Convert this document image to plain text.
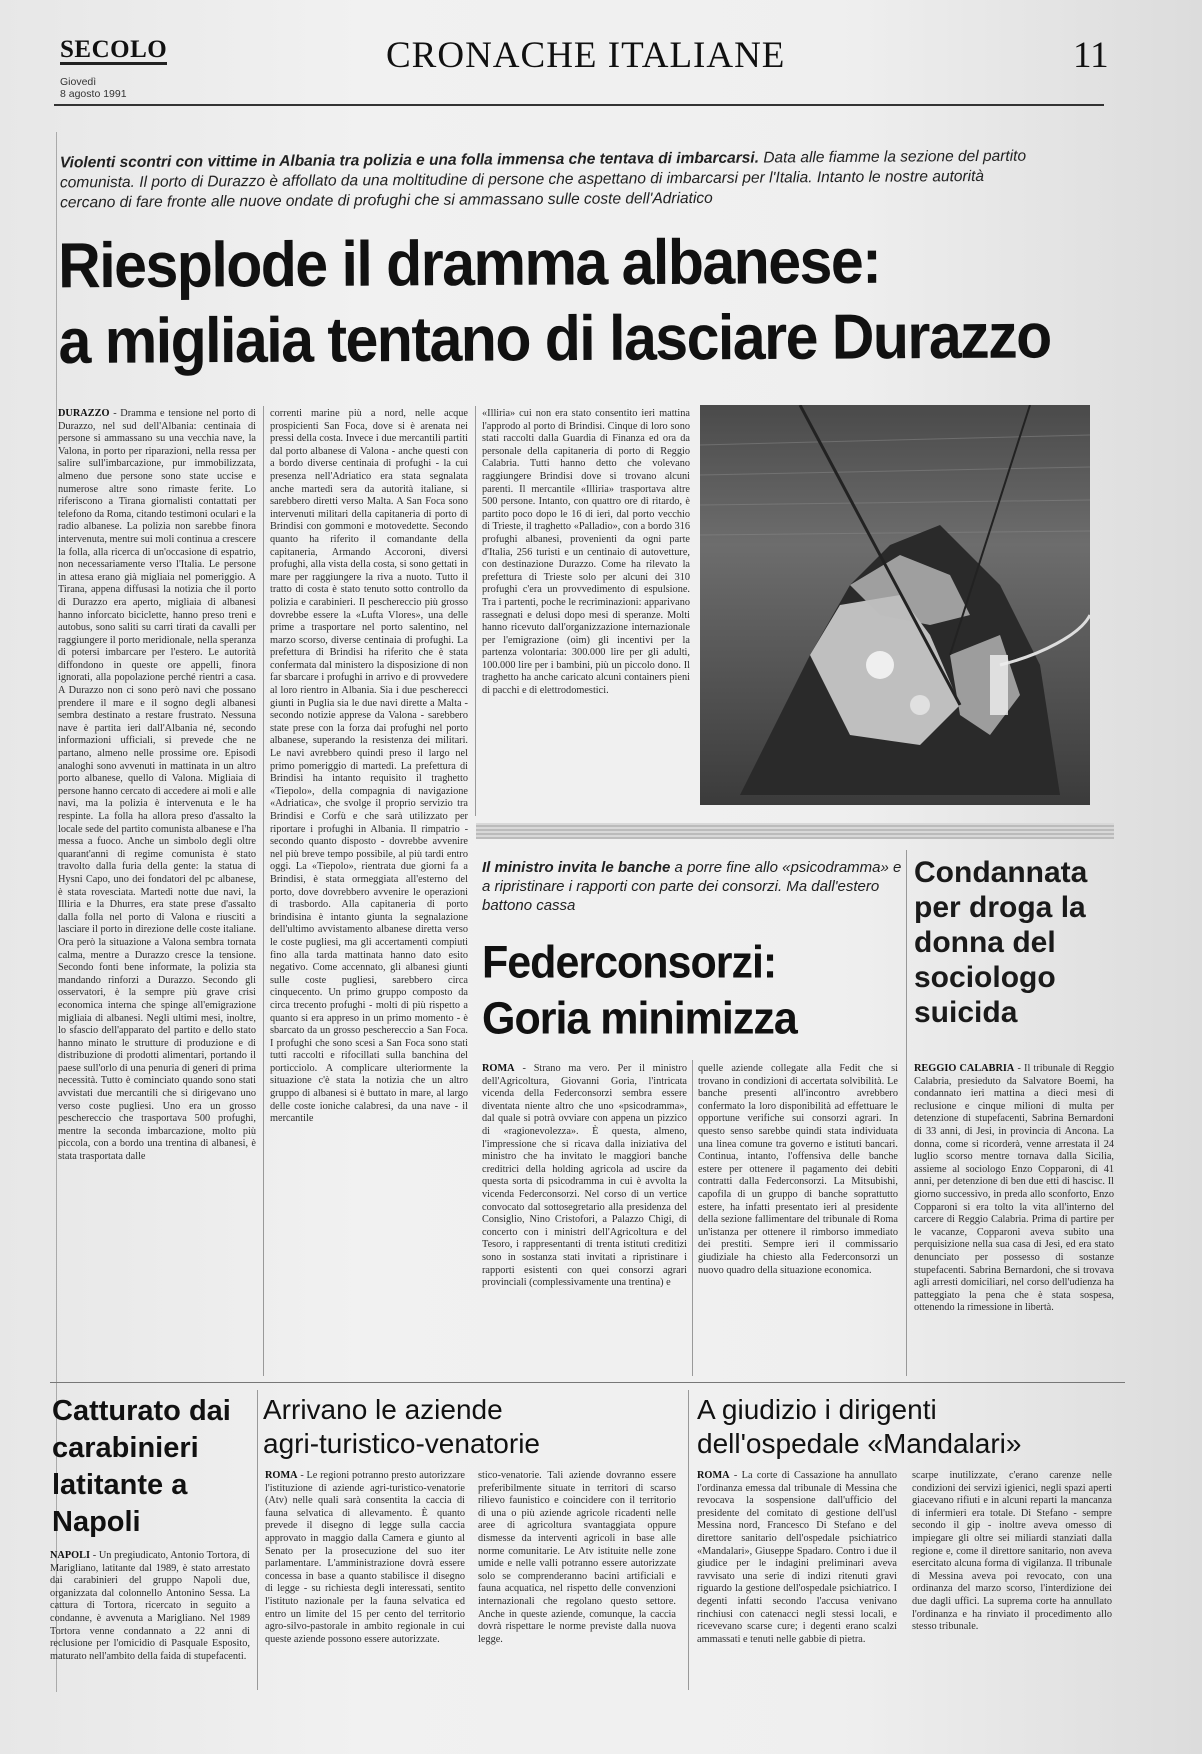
SECOLO
Giovedì
8 agosto 1991
CRONACHE ITALIANE	11
Violenti scontri con vittime in Albania tra polizia e una folla immensa che tentava di imbarcarsi. Data alle fiamme la sezione del partito comunista. Il porto di Durazzo è affollato da una moltitudine di persone che aspettano di imbarcarsi per l'Italia. Intanto le nostre autorità cercano di fare fronte alle nuove ondate di profughi che si ammassano sulle coste dell'Adriatico
Riesplode il dramma albanese:
a migliaia tentano di lasciare Durazzo
DURAZZO - Dramma e tensione nel porto di Durazzo, nel sud dell'Albania: centinaia di persone si ammassano su una vecchia nave, la Valona, in porto per riparazioni, nella ressa per salire sull'imbarcazione, pur immobilizzata, almeno due persone sono state uccise e numerose altre sono rimaste ferite. Lo riferiscono a Tirana giornalisti contattati per telefono da Roma, citando testimoni oculari e la radio albanese. La polizia non sarebbe finora intervenuta, mentre sui moli continua a crescere la folla, alla ricerca di un'occasione di espatrio, non necessariamente verso l'Italia. Le persone in attesa erano già migliaia nel pomeriggio. A Tirana, appena diffusasi la notizia che il porto di Durazzo era aperto, migliaia di albanesi hanno inforcato biciclette, hanno preso treni e autobus, sono saliti su carri tirati da cavalli per raggiungere il porto meridionale, nella speranza di potersi imbarcare per l'estero. Le autorità diffondono in queste ore appelli, finora ignorati, alla popolazione perché rientri a casa. A Durazzo non ci sono però navi che possano prendere il mare e il sogno degli albanesi sembra destinato a restare frustrato. Nessuna nave è partita ieri dall'Albania né, secondo informazioni ufficiali, si prevede che ne partano, almeno nelle prossime ore. Episodi analoghi sono avvenuti in mattinata in un altro porto albanese, quello di Valona. Migliaia di persone hanno cercato di accedere ai moli e alle navi, ma la polizia è intervenuta e le ha respinte. La folla ha allora preso d'assalto la locale sede del partito comunista albanese e l'ha messa a fuoco. Anche un simbolo degli oltre quarant'anni di regime comunista è stato travolto dalla furia della gente: la statua di Hysni Capo, uno dei fondatori del pc albanese, è stata rovesciata. Martedì notte due navi, la Illiria e la Dhurres, era state prese d'assalto dalla folla nel porto di Valona e riusciti a lasciare il porto in direzione delle coste italiane. Ora però la situazione a Valona sembra tornata calma, mentre a Durazzo cresce la tensione. Secondo fonti bene informate, la polizia sta mandando rinforzi a Durazzo. Secondo gli osservatori, è la sempre più grave crisi economica interna che spinge all'emigrazione migliaia di albanesi. Negli ultimi mesi, inoltre, lo sfascio dell'apparato del partito e dello stato hanno minato le strutture di produzione e di distribuzione di prodotti alimentari, portando il paese sull'orlo di una penuria di generi di prima necessità. Tutto è cominciato quando sono stati avvistati due mercantili che si dirigevano uno verso coste pugliesi. Uno era un grosso peschereccio che trasportava 500 profughi, mentre la seconda imbarcazione, molto più piccola, con a bordo una trentina di albanesi, è stata trasportata dalle
correnti marine più a nord, nelle acque prospicienti San Foca, dove si è arenata nei pressi della costa. Invece i due mercantili partiti dal porto albanese di Valona - anche questi con a bordo diverse centinaia di profughi - la cui presenza nell'Adriatico era stata segnalata anche martedì sera da autorità italiane, si sarebbero diretti verso Malta. A San Foca sono intervenuti militari della capitaneria di porto di Brindisi con gommoni e motovedette. Secondo quanto ha riferito il comandante della capitaneria, Armando Accoroni, diversi profughi, alla vista della costa, si sono gettati in mare per raggiungere la riva a nuoto. Tutto il tratto di costa è stato tenuto sotto controllo da polizia e carabinieri. Il peschereccio più grosso dovrebbe essere la «Lufta Vlores», una delle prime a trasportare nel porto salentino, nel marzo scorso, diverse centinaia di profughi. La prefettura di Brindisi ha riferito che è stata confermata dal ministero la disposizione di non far sbarcare i profughi in arrivo e di provvedere al loro rientro in Albania. Sia i due pescherecci giunti in Puglia sia le due navi dirette a Malta - secondo notizie apprese da Valona - sarebbero state prese con la forza dai profughi nel porto albanese, superando la resistenza dei militari. Le navi avrebbero quindi preso il largo nel primo pomeriggio di martedì. La prefettura di Brindisi ha intanto requisito il traghetto «Tiepolo», della compagnia di navigazione «Adriatica», che svolge il proprio servizio tra Brindisi e Corfù e che sarà utilizzato per riportare i profughi in Albania. Il rimpatrio - secondo quanto disposto - dovrebbe avvenire nel più breve tempo possibile, al più tardi entro oggi. La «Tiepolo», rientrata due giorni fa a Brindisi, è stata ormeggiata all'esterno del porto, dove dovrebbero avvenire le operazioni di trasbordo. Alla capitaneria di porto brindisina è intanto giunta la segnalazione dell'ultimo avvistamento albanese diretta verso le coste pugliesi, ma gli accertamenti compiuti fino alla tarda mattinata hanno dato esito negativo. Come accennato, gli albanesi giunti sulle coste pugliesi, sarebbero circa cinquecento. Un primo gruppo composto da circa trecento profughi - molti di più rispetto a quanto si era appreso in un primo momento - è sbarcato da un grosso peschereccio a San Foca. I profughi che sono scesi a San Foca sono stati tutti raccolti e rifocillati sulla banchina del porticciolo. A complicare ulteriormente la situazione c'è stata la notizia che un altro gruppo di albanesi si è buttato in mare, al largo delle coste ioniche calabresi, da una nave - il mercantile
«Illiria» cui non era stato consentito ieri mattina l'approdo al porto di Brindisi. Cinque di loro sono stati raccolti dalla Guardia di Finanza ed ora da personale della capitaneria di porto di Reggio Calabria. Tutti hanno detto che volevano raggiungere Brindisi dove si trovano alcuni parenti. Il mercantile «Illiria» trasportava altre 500 persone. Intanto, con quattro ore di ritardo, è partito poco dopo le 16 di ieri, dal porto vecchio di Trieste, il traghetto «Palladio», con a bordo 316 profughi albanesi, provenienti da ogni parte d'Italia, 256 turisti e un centinaio di autovetture, con destinazione Durazzo. Come ha rilevato la prefettura di Trieste solo per alcuni dei 310 profughi c'era un provvedimento di espulsione. Tra i partenti, poche le recriminazioni: apparivano rassegnati e delusi dopo mesi di speranze. Molti hanno ricevuto dall'organizzazione internazionale per l'emigrazione (oim) gli incentivi per la partenza volontaria: 300.000 lire per gli adulti, 100.000 lire per i bambini, più un piccolo dono. Il traghetto ha anche caricato alcuni containers pieni di pacchi e di elettrodomestici.
Il ministro invita le banche a porre fine allo «psicodramma» e a ripristinare i rapporti con parte dei consorzi. Ma dall'estero battono cassa
Federconsorzi:
Goria minimizza
ROMA - Strano ma vero. Per il ministro dell'Agricoltura, Giovanni Goria, l'intricata vicenda della Federconsorzi sembra essere diventata niente altro che uno «psicodramma», dal quale si potrà ovviare con appena un pizzico di «ragionevolezza». È questa, almeno, l'impressione che si ricava dalla iniziativa del ministro che ha invitato le maggiori banche creditrici della holding agricola ad uscire da questa sorta di psicodramma in cui è avvolta la vicenda Federconsorzi. Nel corso di un vertice convocato dal sottosegretario alla presidenza del Consiglio, Nino Cristofori, a Palazzo Chigi, di concerto con i ministri dell'Agricoltura e del Tesoro, i rappresentanti di trenta istituti creditizi sono in sostanza stati invitati a ripristinare i rapporti esistenti con quei consorzi agrari provinciali (complessivamente una trentina) e
quelle aziende collegate alla Fedit che si trovano in condizioni di accertata solvibilità. Le banche presenti all'incontro avrebbero confermato la loro disponibilità ad effettuare le opportune verifiche sui consorzi agrari. In questo senso sarebbe quindi stata individuata una linea comune tra governo e istituti bancari. Continua, intanto, l'offensiva delle banche estere per ottenere il pagamento dei debiti contratti dalla Federconsorzi. La Mitsubishi, capofila di un gruppo di banche soprattutto estere, ha infatti presentato ieri al presidente della sezione fallimentare del tribunale di Roma un'istanza per ottenere il rimborso immediato dei prestiti. Sempre ieri il commissario giudiziale ha chiesto alla Federconsorzi un nuovo quadro della situazione economica.
Condannata per droga la donna del sociologo suicida
REGGIO CALABRIA - Il tribunale di Reggio Calabria, presieduto da Salvatore Boemi, ha condannato ieri mattina a dieci mesi di reclusione e cinque milioni di multa per detenzione di stupefacenti, Sabrina Bernardoni di 33 anni, di Jesi, in provincia di Ancona. La donna, come si ricorderà, venne arrestata il 24 luglio scorso mentre tornava dalla Sicilia, assieme al sociologo Enzo Copparoni, di 41 anni, per detenzione di ben due etti di hascisc. Il giorno successivo, in preda allo sconforto, Enzo Copparoni si era tolto la vita all'interno del carcere di Reggio Calabria. Prima di partire per le vacanze, Copparoni aveva subito una perquisizione nella sua casa di Jesi, ed era stato denunciato per possesso di sostanze stupefacenti. Sabrina Bernardoni, che si trovava agli arresti domiciliari, nel corso dell'udienza ha patteggiato la pena che è stata sospesa, ottenendo la rimessione in libertà.
Catturato dai carabinieri latitante a Napoli
NAPOLI - Un pregiudicato, Antonio Tortora, di Marigliano, latitante dal 1989, è stato arrestato dai carabinieri del gruppo Napoli due, organizzata dal colonnello Antonino Sessa. La cattura di Tortora, ricercato in seguito a condanne, è avvenuta a Marigliano. Nel 1989 Tortora venne condannato a 22 anni di reclusione per l'omicidio di Pasquale Esposito, maturato nell'ambito della faida di stupefacenti.
Arrivano le aziende
agri-turistico-venatorie
ROMA - Le regioni potranno presto autorizzare l'istituzione di aziende agri-turistico-venatorie (Atv) nelle quali sarà consentita la caccia di fauna selvatica di allevamento. È quanto prevede il disegno di legge sulla caccia approvato in maggio dalla Camera e giunto al Senato per la prosecuzione del suo iter parlamentare. L'amministrazione dovrà essere concessa in base a quanto stabilisce il disegno di legge - su richiesta degli interessati, sentito l'istituto nazionale per la fauna selvatica ed entro un limite del 15 per cento del territorio agro-silvo-pastorale in ambito regionale in cui queste aziende possono essere autorizzate.
stico-venatorie. Tali aziende dovranno essere preferibilmente situate in territori di scarso rilievo faunistico e coincidere con il territorio di una o più aziende agricole ricadenti nelle aree di agricoltura svantaggiata oppure dismesse da interventi agricoli in base alle norme comunitarie. Le Atv istituite nelle zone umide e nelle valli potranno essere autorizzate solo se comprenderanno bacini artificiali e fauna acquatica, nel rispetto delle convenzioni internazionali che regolano questo settore. Anche in queste aziende, comunque, la caccia dovrà rispettare le norme previste dalla nuova legge.
A giudizio i dirigenti
dell'ospedale «Mandalari»
ROMA - La corte di Cassazione ha annullato l'ordinanza emessa dal tribunale di Messina che revocava la sospensione dall'ufficio del presidente del comitato di gestione dell'usl Messina nord, Francesco Di Stefano e del direttore sanitario dell'ospedale psichiatrico «Mandalari», Giuseppe Spadaro. Contro i due il giudice per le indagini preliminari aveva ravvisato una serie di indizi ritenuti gravi riguardo la gestione dell'ospedale psichiatrico. I degenti infatti secondo l'accusa venivano rinchiusi con catenacci negli stessi locali, e ricevevano scarse cure; i degenti erano scalzi ammassati e tenuti nelle gabbie di pietra.
scarpe inutilizzate, c'erano carenze nelle condizioni dei servizi igienici, negli spazi aperti giacevano rifiuti e in alcuni reparti la mancanza di infermieri era totale. Di Stefano - sempre secondo il gip - inoltre aveva omesso di impiegare gli oltre sei miliardi stanziati dalla regione e, come il direttore sanitario, non aveva esercitato alcuna forma di vigilanza. Il tribunale di Messina aveva poi revocato, con una ordinanza del marzo scorso, l'interdizione dei due dagli uffici. La suprema corte ha annullato l'ordinanza e ha rinviato il procedimento allo stesso tribunale.
